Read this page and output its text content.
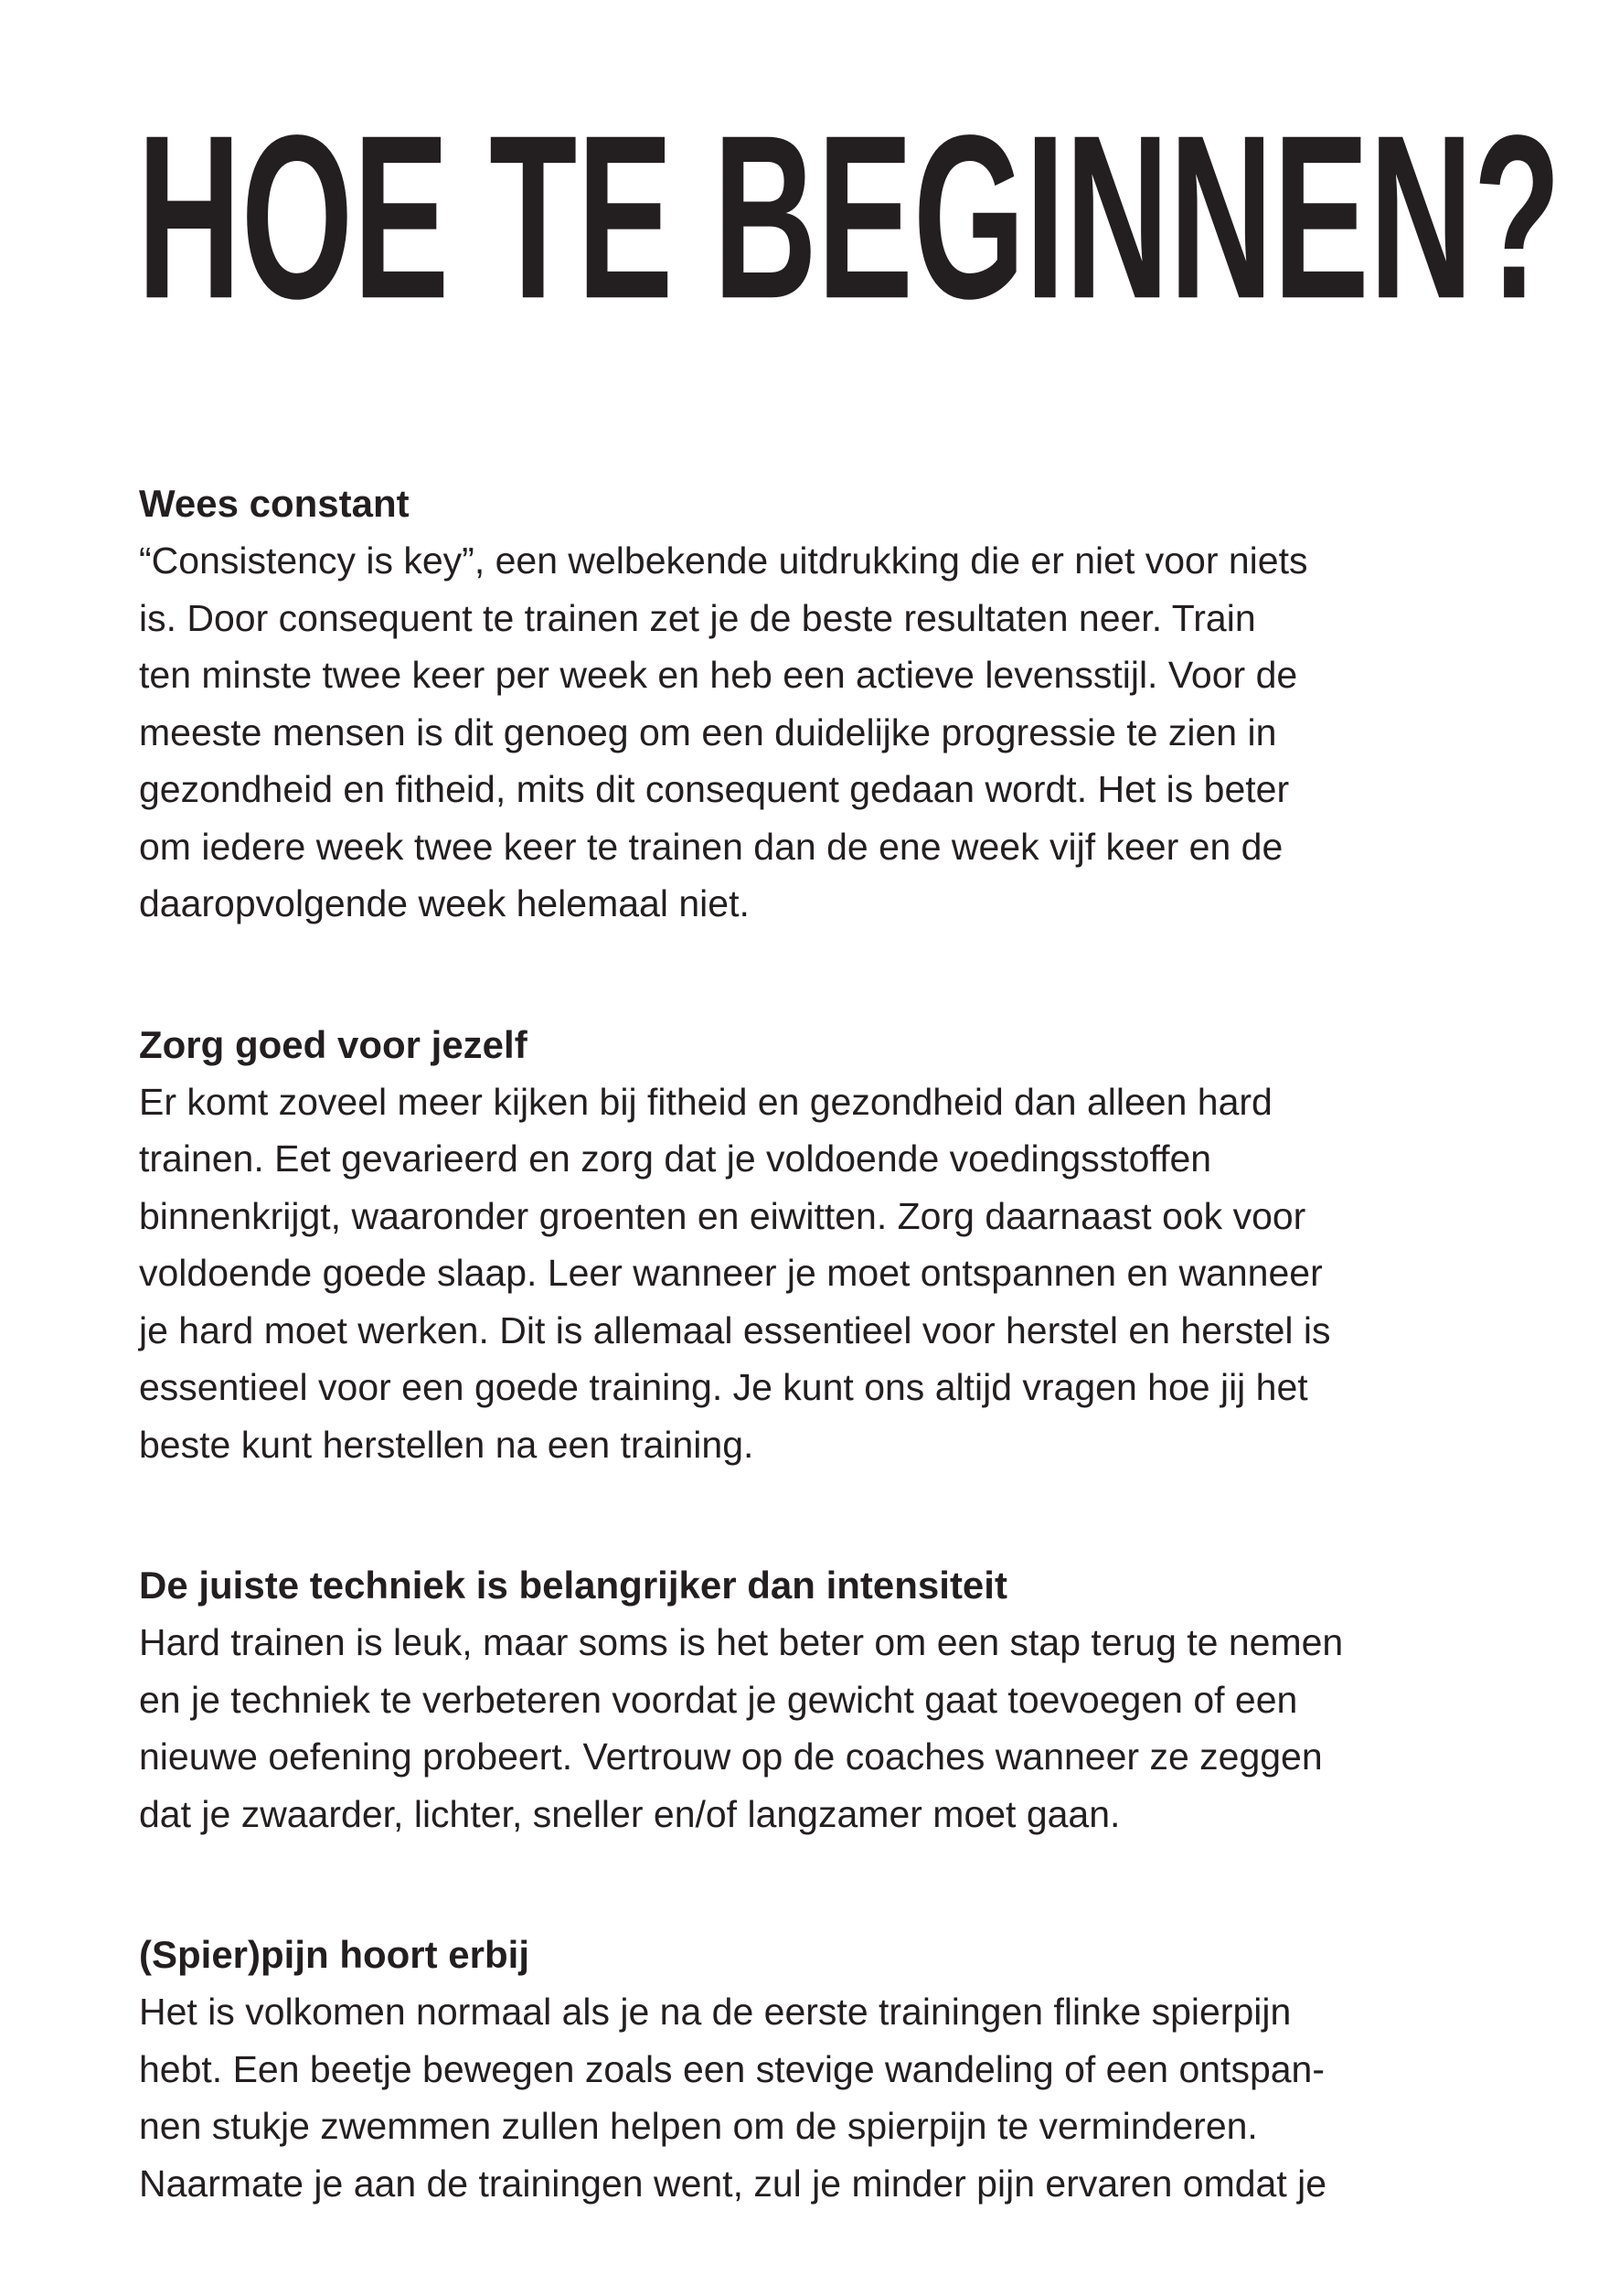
HOE TE BEGINNEN?
Wees constant

“Consistency is key”, een welbekende uitdrukking die er niet voor niets
is. Door consequent te trainen zet je de beste resultaten neer. Train
ten minste twee keer per week en heb een actieve levensstijl. Voor de
meeste mensen is dit genoeg om een duidelijke progressie te zien in
gezondheid en fitheid, mits dit consequent gedaan wordt. Het is beter
om iedere week twee keer te trainen dan de ene week vijf keer en de
daaropvolgende week helemaal niet.

Zorg goed voor jezelf

Er komt zoveel meer kijken bij fitheid en gezondheid dan alleen hard
trainen. Eet gevarieerd en zorg dat je voldoende voedingsstoffen
binnenkrijgt, waaronder groenten en eiwitten. Zorg daarnaast ook voor
voldoende goede slaap. Leer wanneer je moet ontspannen en wanneer
je hard moet werken. Dit is allemaal essentieel voor herstel en herstel is
essentieel voor een goede training. Je kunt ons altijd vragen hoe jij het
beste kunt herstellen na een training.

De juiste techniek is belangrijker dan intensiteit

Hard trainen is leuk, maar soms is het beter om een stap terug te nemen
en je techniek te verbeteren voordat je gewicht gaat toevoegen of een
nieuwe oefening probeert. Vertrouw op de coaches wanneer ze zeggen
dat je zwaarder, lichter, sneller en/of langzamer moet gaan.

(Spier)pijn hoort erbij

Het is volkomen normaal als je na de eerste trainingen flinke spierpijn
hebt. Een beetje bewegen zoals een stevige wandeling of een ontspan-
nen stukje zwemmen zullen helpen om de spierpijn te verminderen.
Naarmate je aan de trainingen went, zul je minder pijn ervaren omdat je
